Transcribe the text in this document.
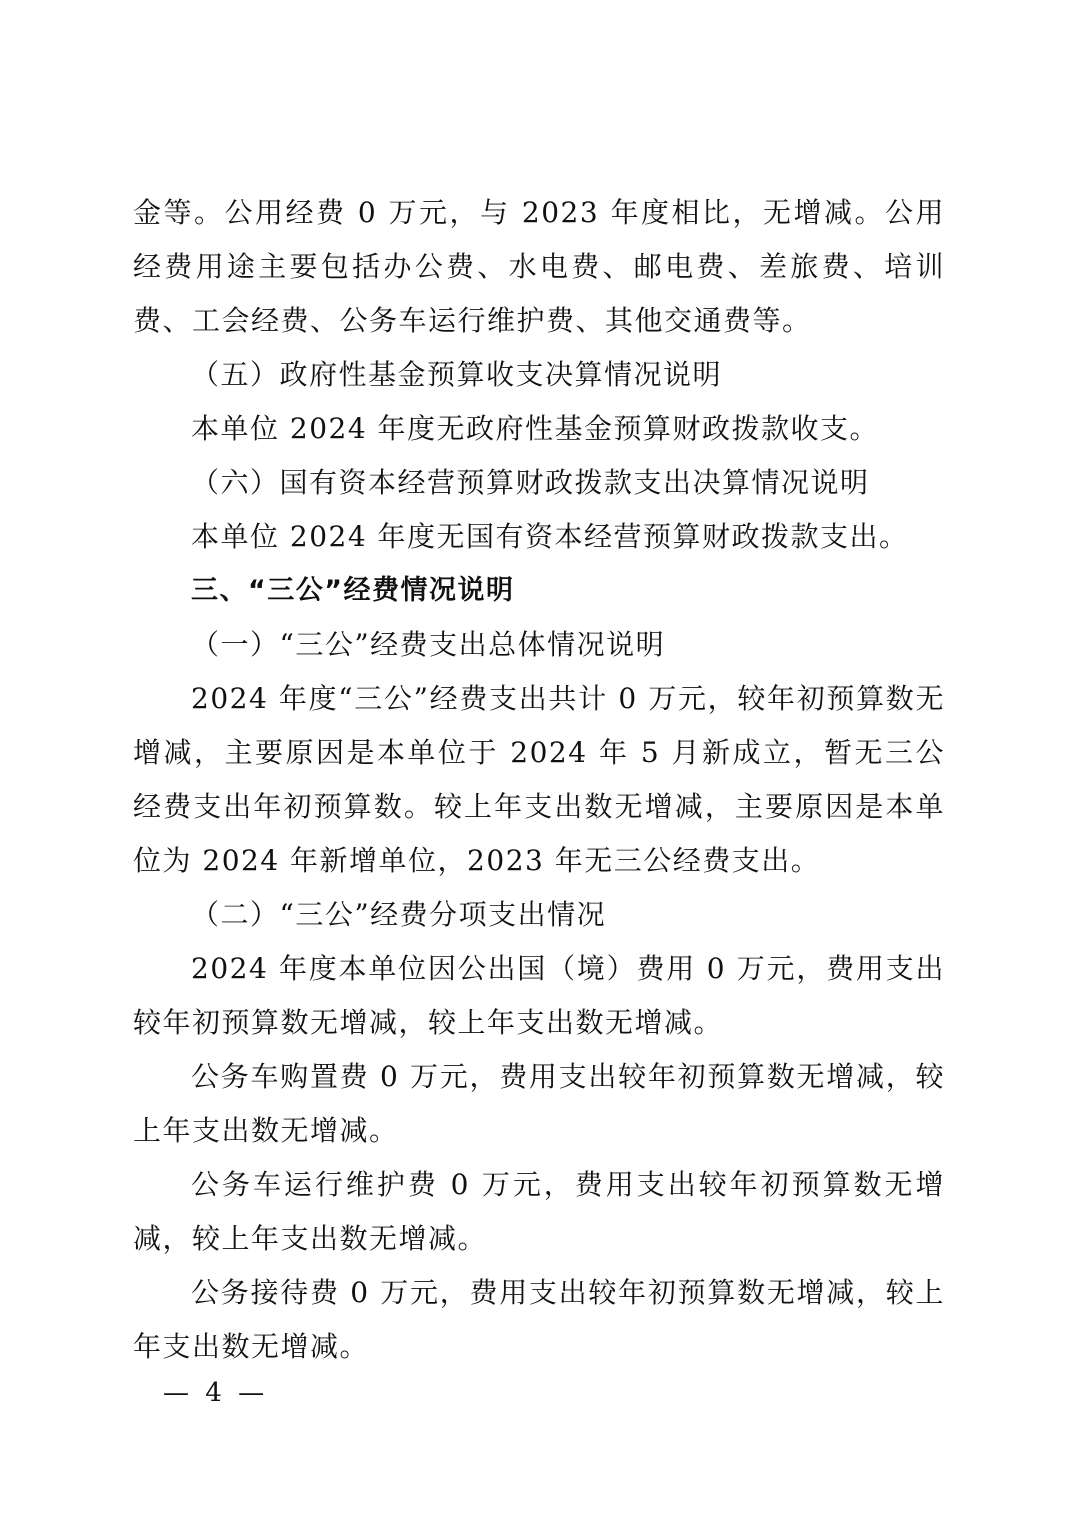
金等。公用经费 0 万元，与 2023 年度相比，无增减。公用经费用途主要包括办公费、水电费、邮电费、差旅费、培训费、工会经费、公务车运行维护费、其他交通费等。

（五）政府性基金预算收支决算情况说明

本单位 2024 年度无政府性基金预算财政拨款收支。

（六）国有资本经营预算财政拨款支出决算情况说明

本单位 2024 年度无国有资本经营预算财政拨款支出。

三、“三公”经费情况说明

（一）“三公”经费支出总体情况说明

2024 年度“三公”经费支出共计 0 万元，较年初预算数无增减，主要原因是本单位于 2024 年 5 月新成立，暂无三公经费支出年初预算数。较上年支出数无增减，主要原因是本单位为 2024 年新增单位，2023 年无三公经费支出。

（二）“三公”经费分项支出情况

2024 年度本单位因公出国（境）费用 0 万元，费用支出较年初预算数无增减，较上年支出数无增减。

公务车购置费 0 万元，费用支出较年初预算数无增减，较上年支出数无增减。

公务车运行维护费 0 万元，费用支出较年初预算数无增减，较上年支出数无增减。

公务接待费 0 万元，费用支出较年初预算数无增减，较上年支出数无增减。

— 4 —
